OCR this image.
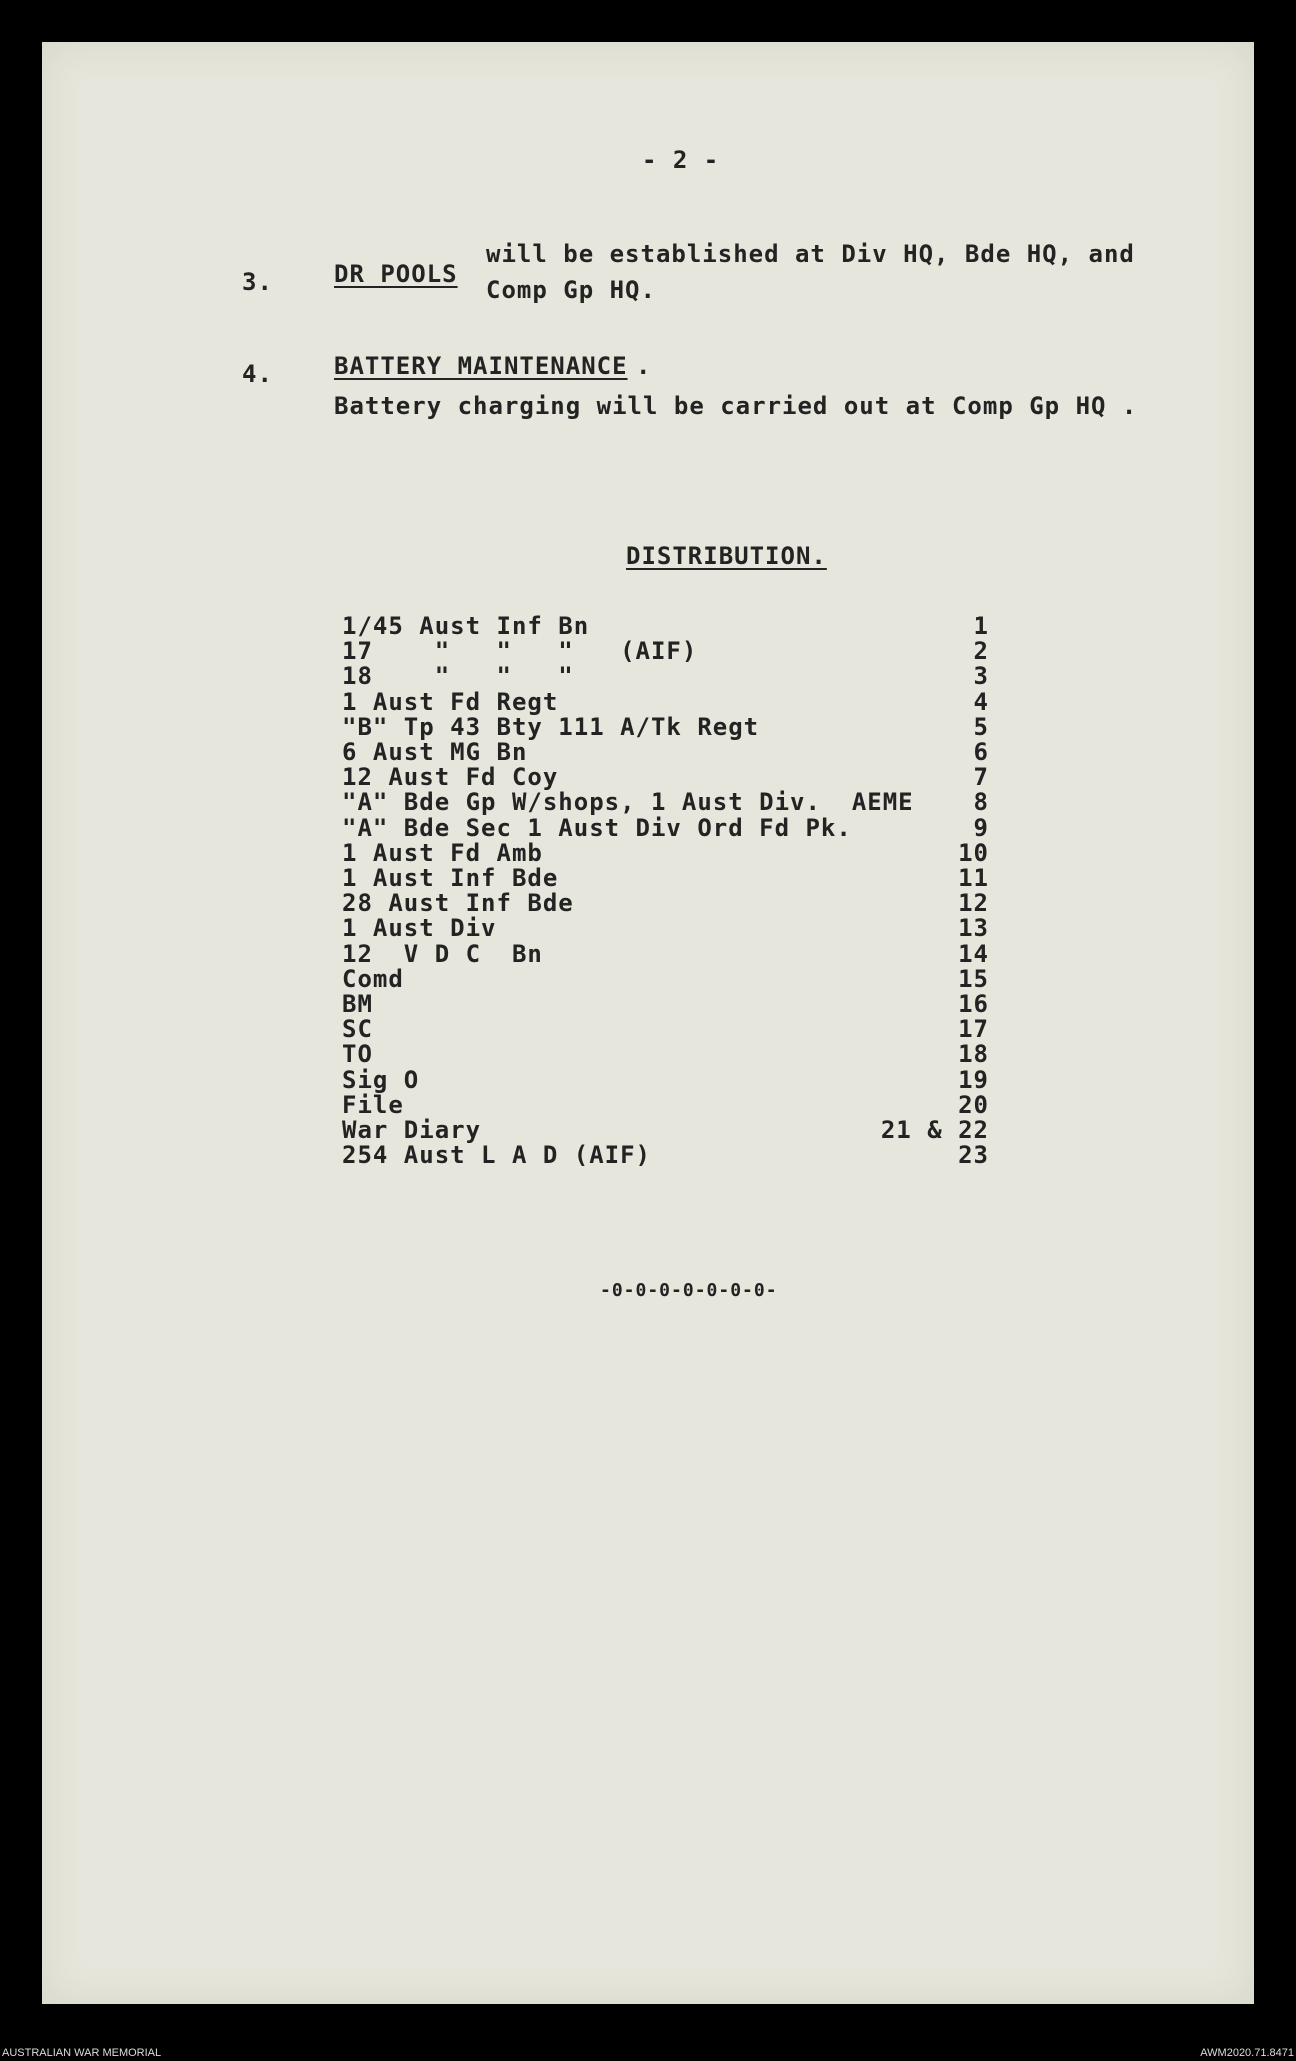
- 2 -
3.	DR POOLS
will be established at Div HQ, Bde HQ, and
Comp Gp HQ.
4.	BATTERY MAINTENANCE .
Battery charging will be carried out at Comp Gp HQ .
DISTRIBUTION.
1/45 Aust Inf Bn	1
17    "   "   "   (AIF)	2
18    "   "   "	3
1 Aust Fd Regt	4
"B" Tp 43 Bty 111 A/Tk Regt	5
6 Aust MG Bn	6
12 Aust Fd Coy	7
"A" Bde Gp W/shops, 1 Aust Div.  AEME 8
"A" Bde Sec 1 Aust Div Ord Fd Pk.	9
1 Aust Fd Amb	10
1 Aust Inf Bde	11
28 Aust Inf Bde	12
1 Aust Div	13
12  V D C  Bn	14
Comd	15
BM	16
SC	17
TO	18
Sig O	19
File	20
War Diary	21 & 22
254 Aust L A D (AIF)	23
-0-0-0-0-0-0-0-
AUSTRALIAN WAR MEMORIAL	AWM2020.71.8471
